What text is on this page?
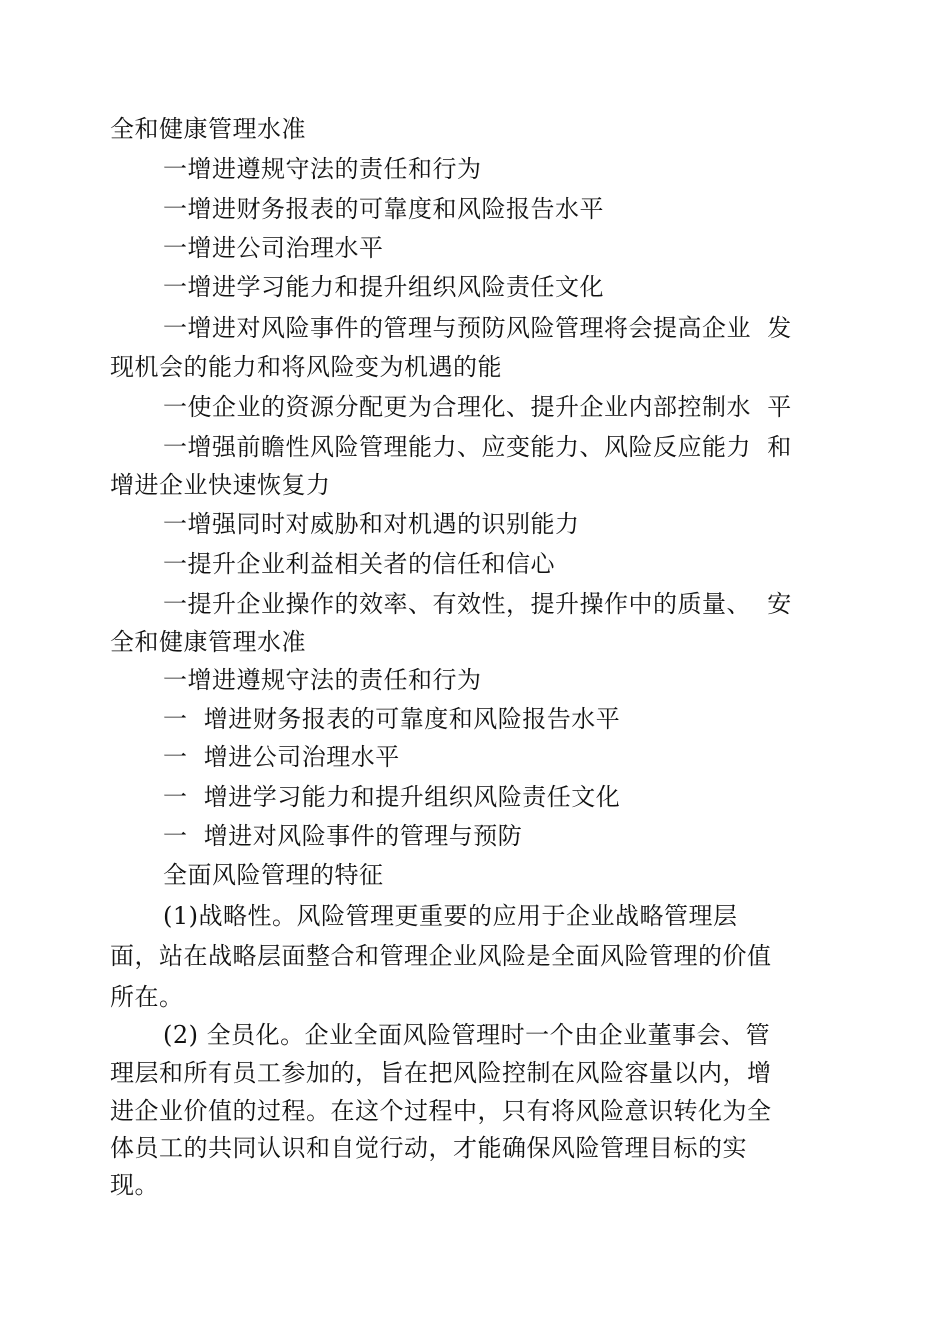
全和健康管理水准
一增进遵规守法的责任和行为
一增进财务报表的可靠度和风险报告水平
一增进公司治理水平
一增进学习能力和提升组织风险责任文化
一增进对风险事件的管理与预防风险管理将会提高企业  发
现机会的能力和将风险变为机遇的能
一使企业的资源分配更为合理化、提升企业内部控制水  平
一增强前瞻性风险管理能力、应变能力、风险反应能力  和
增进企业快速恢复力
一增强同时对威胁和对机遇的识别能力
一提升企业利益相关者的信任和信心
一提升企业操作的效率、有效性，提升操作中的质量、  安
全和健康管理水准
一增进遵规守法的责任和行为
一  增进财务报表的可靠度和风险报告水平
一  增进公司治理水平
一  增进学习能力和提升组织风险责任文化
一  增进对风险事件的管理与预防
全面风险管理的特征
(1)战略性。风险管理更重要的应用于企业战略管理层
面，站在战略层面整合和管理企业风险是全面风险管理的价值
所在。
(2) 全员化。企业全面风险管理时一个由企业董事会、管
理层和所有员工参加的，旨在把风险控制在风险容量以内，增
进企业价值的过程。在这个过程中，只有将风险意识转化为全
体员工的共同认识和自觉行动，才能确保风险管理目标的实
现。
